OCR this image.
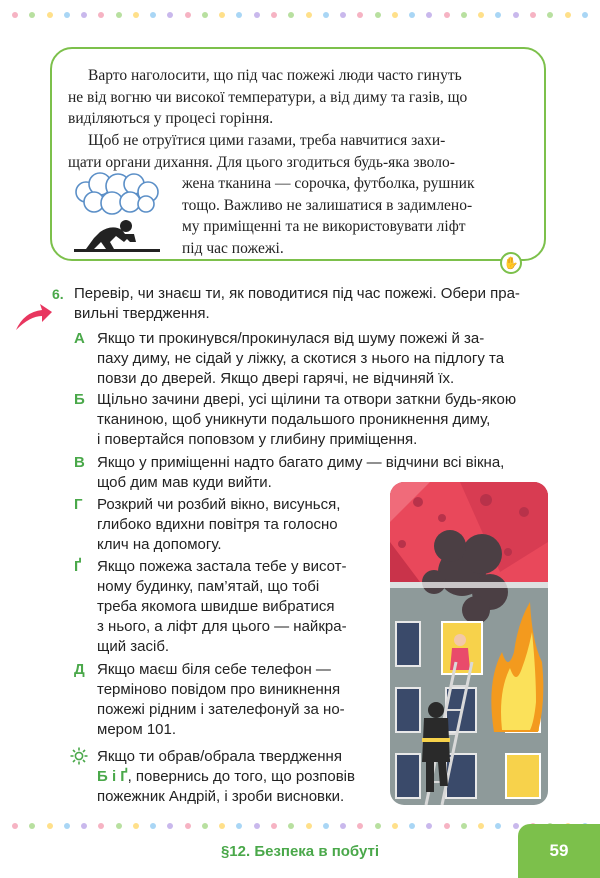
Варто наголосити, що під час пожежі люди часто гинуть

не від вогню чи високої температури, а від диму та газів, що

виділяються у процесі горіння.

Щоб не отруїтися цими газами, треба навчитися захи-

щати органи дихання. Для цього згодиться будь-яка зволо-

жена тканина — сорочка, футболка, рушник

тощо. Важливо не залишатися в задимлено-

му приміщенні та не використовувати ліфт

під час пожежі.

✋
6. Перевір, чи знаєш ти, як поводитися під час пожежі. Обери пра-
вильні твердження.
А Якщо ти прокинувся/прокинулася від шуму пожежі й за-
паху диму, не сідай у ліжку, а скотися з нього на підлогу та
повзи до дверей. Якщо двері гарячі, не відчиняй їх.
Б Щільно зачини двері, усі щілини та отвори заткни будь-якою
тканиною, щоб уникнути подальшого проникнення диму,
і повертайся поповзом у глибину приміщення.
В Якщо у приміщенні надто багато диму — відчини всі вікна,
щоб дим мав куди вийти.
Г Розкрий чи розбий вікно, висунься,
глибоко вдихни повітря та голосно
клич на допомогу.
Ґ Якщо пожежа застала тебе у висот-
ному будинку, пам’ятай, що тобі
треба якомога швидше вибратися
з нього, а ліфт для цього — найкра-
щий засіб.
Д Якщо маєш біля себе телефон —
терміново повідом про виникнення
пожежі рідним і зателефонуй за но-
мером 101.
Якщо ти обрав/обрала твердження
Б і Ґ, повернись до того, що розповів
пожежник Андрій, і зроби висновки.
§12. Безпека в побуті	59
